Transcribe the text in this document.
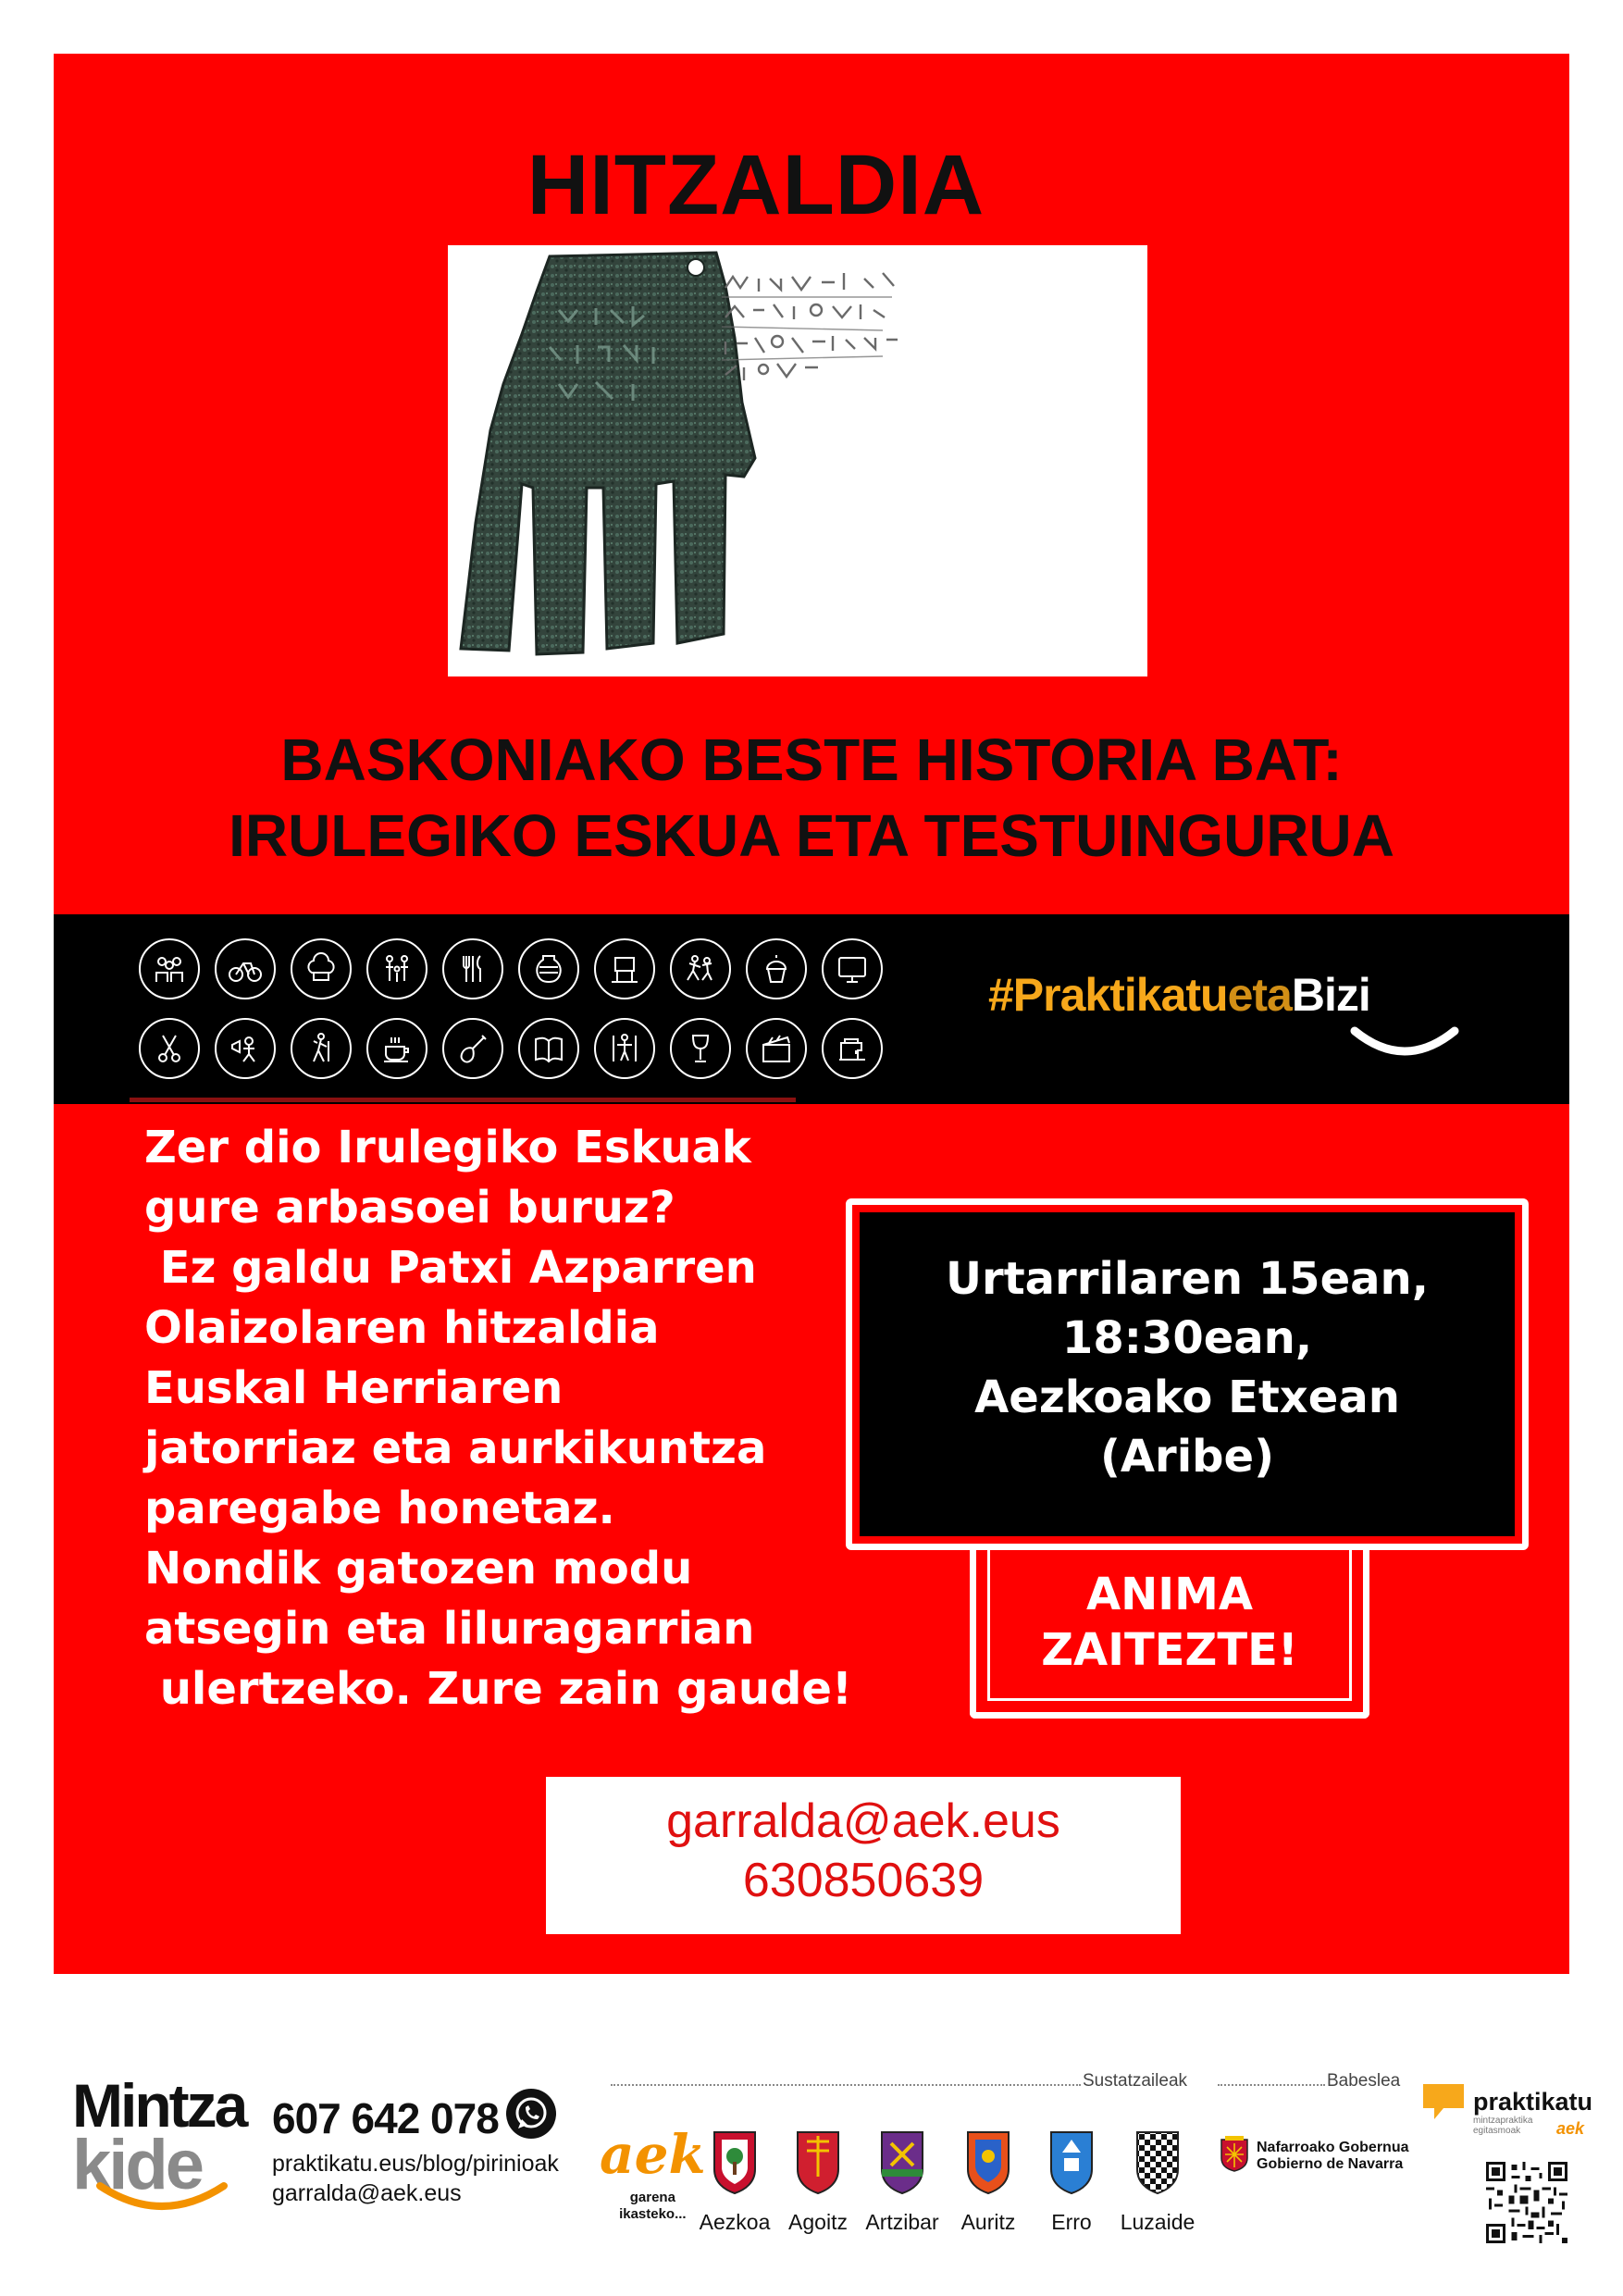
HITZALDIA
BASKONIAKO BESTE HISTORIA BAT:
IRULEGIKO ESKUA ETA TESTUINGURUA
#PraktikatuetaBizi
Zer dio Irulegiko Eskuak
gure arbasoei buruz?
Ez galdu Patxi Azparren
Olaizolaren hitzaldia
Euskal Herriaren
jatorriaz eta aurkikuntza
paregabe honetaz.
Nondik gatozen modu
atsegin eta liluragarrian
ulertzeko. Zure zain gaude!
Urtarrilaren 15ean,
18:30ean,
Aezkoako Etxean
(Aribe)
ANIMA
ZAITEZTE!
garralda@aek.eus
630850639
Mintza
kide
607 642 078
praktikatu.eus/blog/pirinioak
garralda@aek.eus
Sustatzaileak	Babeslea
aek
garena
ikasteko... Aezkoa Agoitz Artzibar	Auritz	Erro	Luzaide
Nafarroako Gobernua
Gobierno de Navarra
praktikatu
mintzapraktika
egitasmoak	aek
